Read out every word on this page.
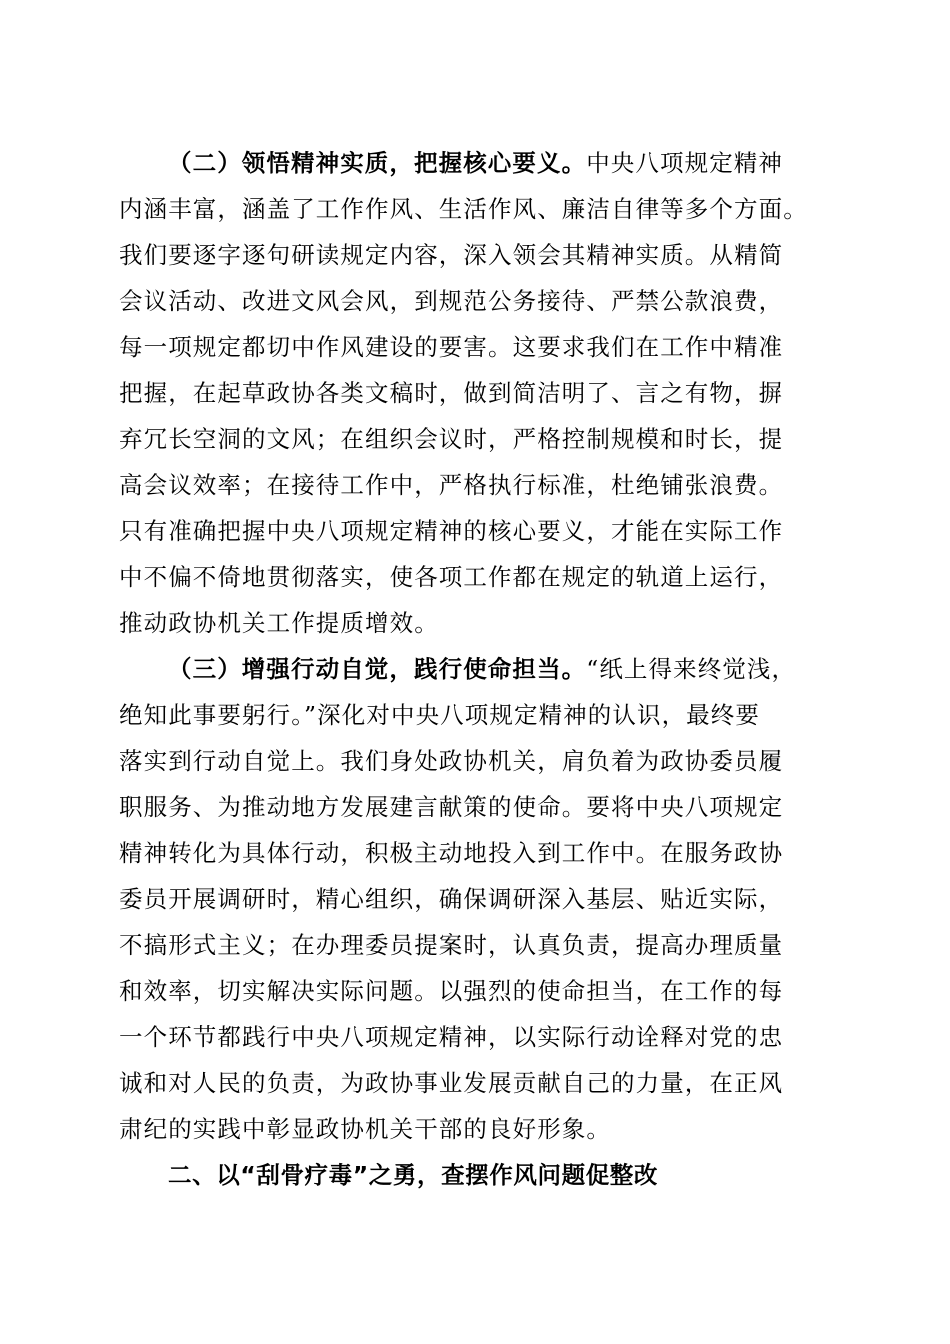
（二）领悟精神实质，把握核心要义。中央八项规定精神
内涵丰富，涵盖了工作作风、生活作风、廉洁自律等多个方面。
我们要逐字逐句研读规定内容，深入领会其精神实质。从精简
会议活动、改进文风会风，到规范公务接待、严禁公款浪费，
每一项规定都切中作风建设的要害。这要求我们在工作中精准
把握，在起草政协各类文稿时，做到简洁明了、言之有物，摒
弃冗长空洞的文风；在组织会议时，严格控制规模和时长，提
高会议效率；在接待工作中，严格执行标准，杜绝铺张浪费。
只有准确把握中央八项规定精神的核心要义，才能在实际工作
中不偏不倚地贯彻落实，使各项工作都在规定的轨道上运行，
推动政协机关工作提质增效。
（三）增强行动自觉，践行使命担当。“纸上得来终觉浅，
绝知此事要躬行。”深化对中央八项规定精神的认识，最终要
落实到行动自觉上。我们身处政协机关，肩负着为政协委员履
职服务、为推动地方发展建言献策的使命。要将中央八项规定
精神转化为具体行动，积极主动地投入到工作中。在服务政协
委员开展调研时，精心组织，确保调研深入基层、贴近实际，
不搞形式主义；在办理委员提案时，认真负责，提高办理质量
和效率，切实解决实际问题。以强烈的使命担当，在工作的每
一个环节都践行中央八项规定精神，以实际行动诠释对党的忠
诚和对人民的负责，为政协事业发展贡献自己的力量，在正风
肃纪的实践中彰显政协机关干部的良好形象。
二、以“刮骨疗毒”之勇，查摆作风问题促整改
